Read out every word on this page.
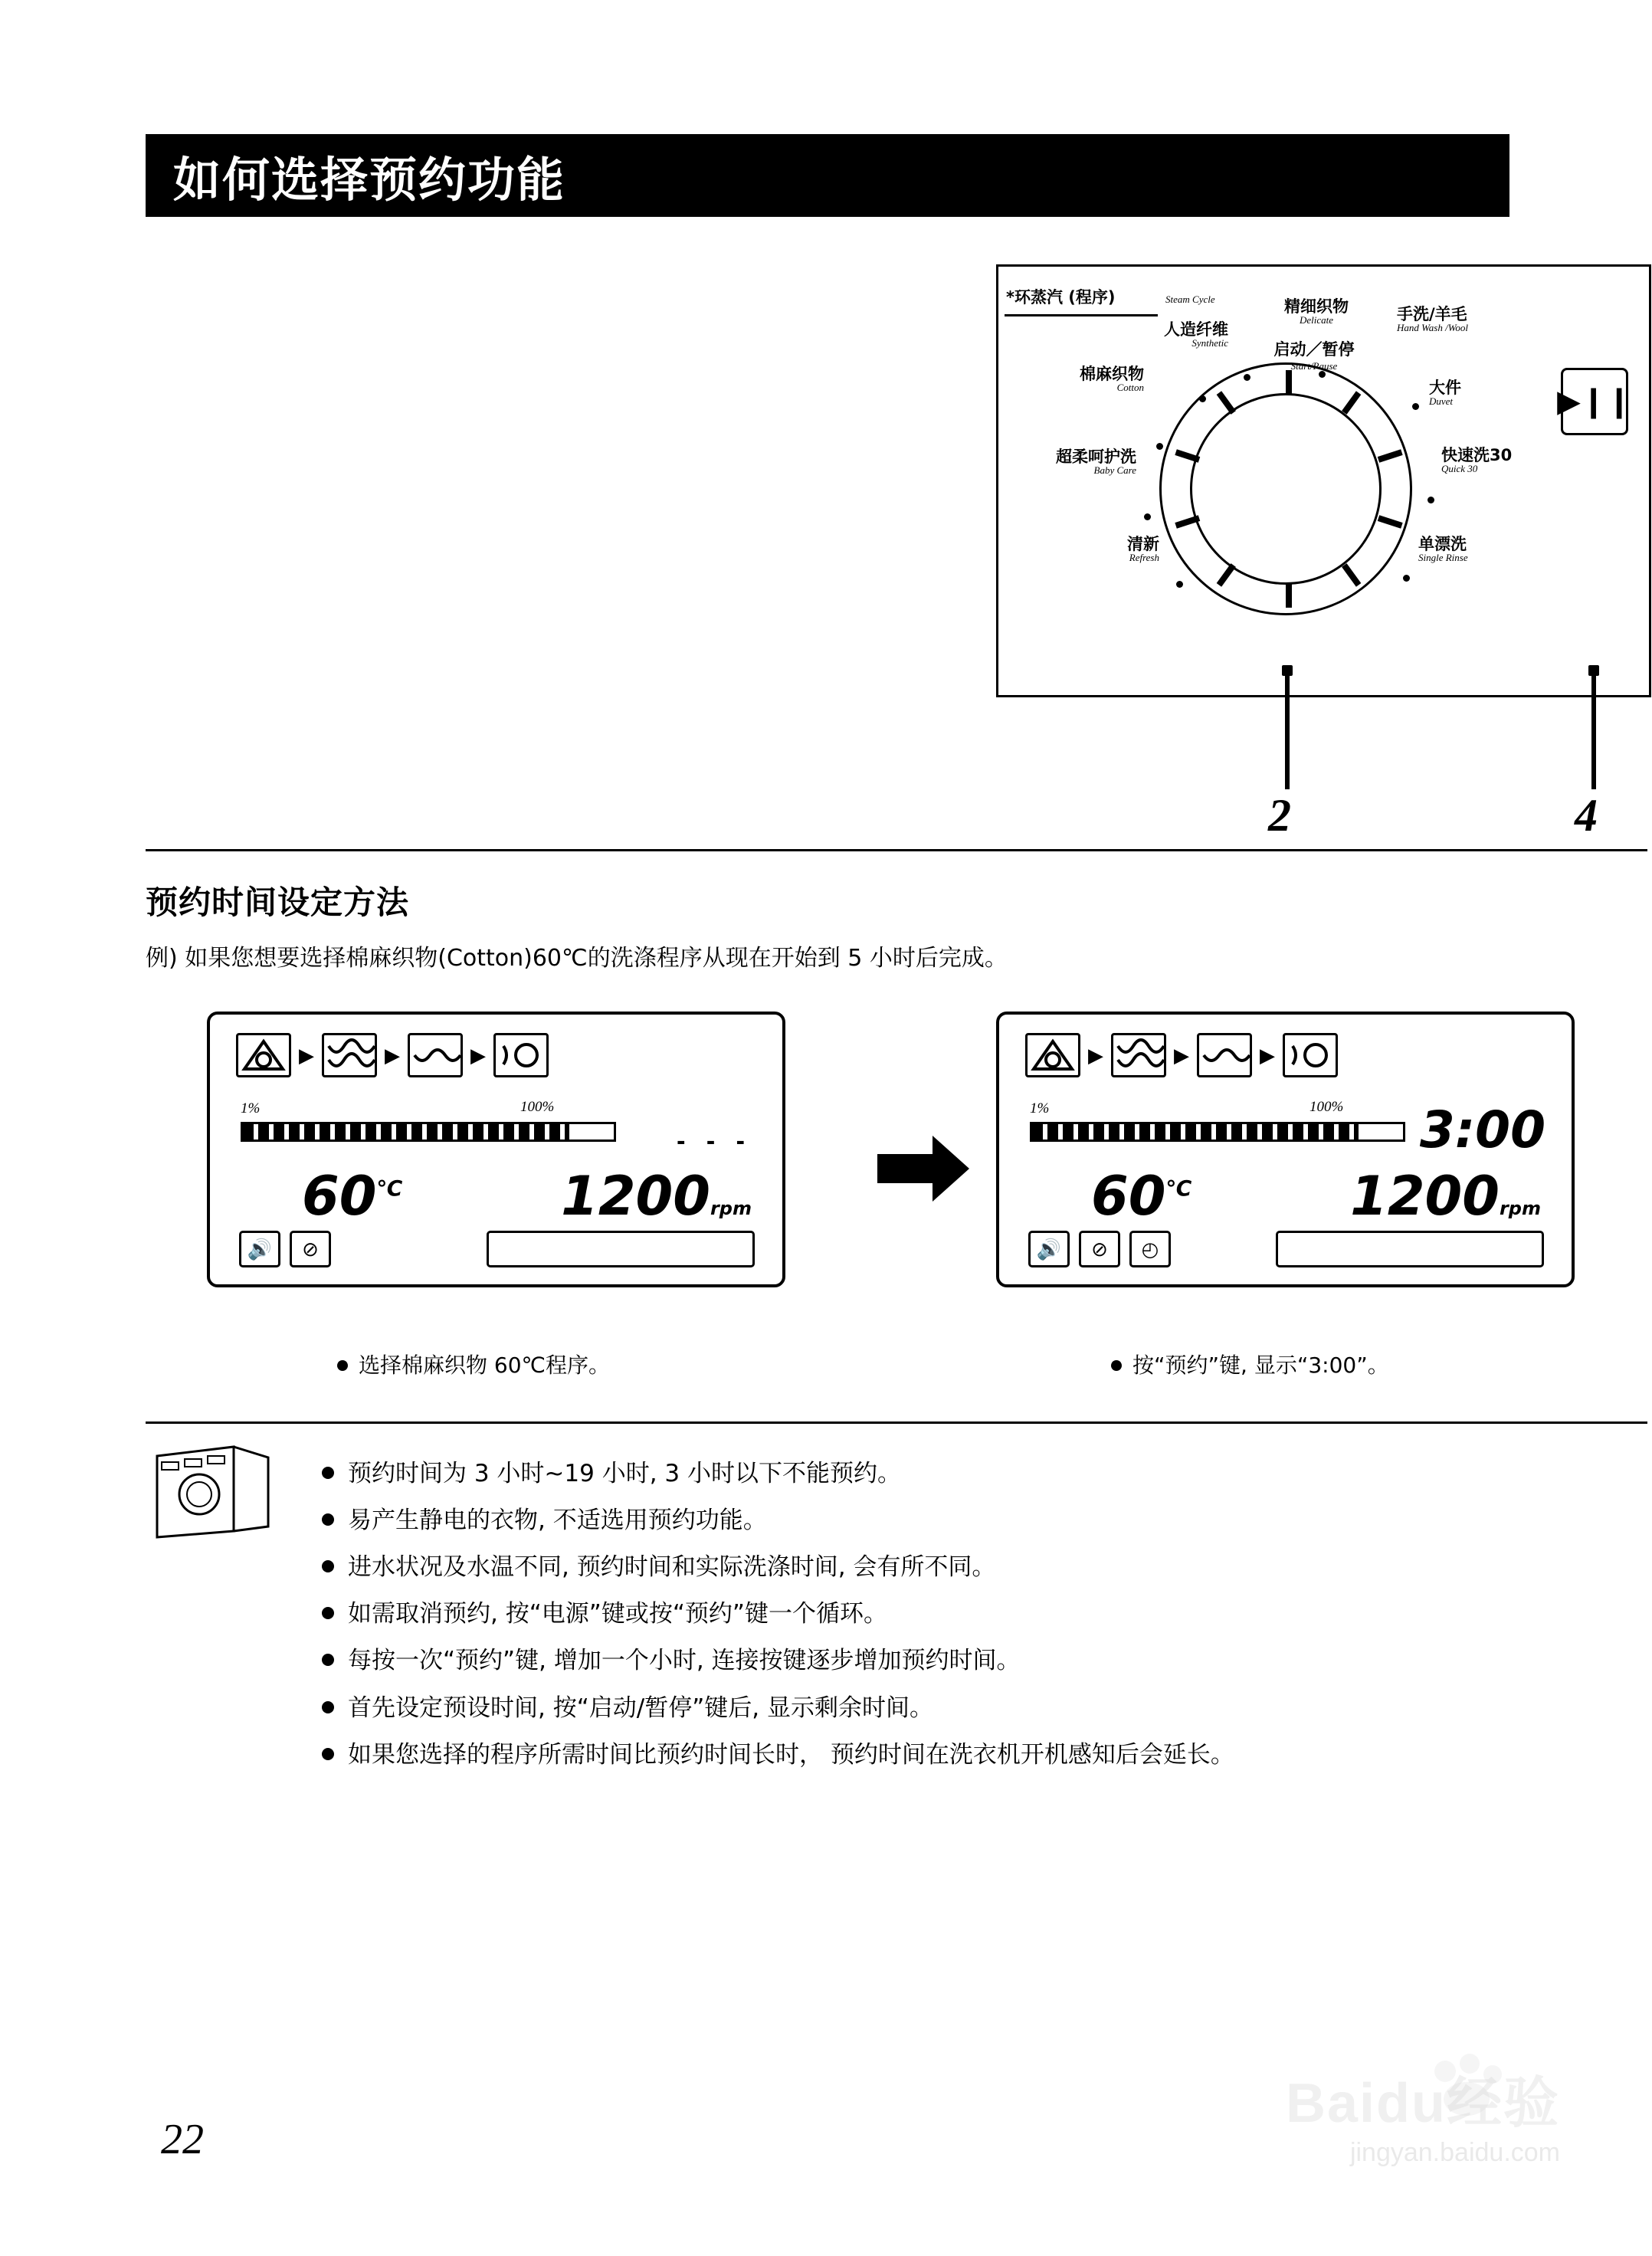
如何选择预约功能
*环蒸汽 (程序)	Steam Cycle
人造纤维
Synthetic
精细织物
Delicate	手洗/羊毛
Hand Wash /Wool
棉麻织物
Cotton	大件
Duvet
超柔呵护洗
Baby Care
快速洗30
Quick 30
清新
Refresh
单漂洗
Single Rinse
启动／暂停
Start/Pause
▶❙❙
2	4
预约时间设定方法
例) 如果您想要选择棉麻织物(Cotton)60℃的洗涤程序从现在开始到 5 小时后完成。
▶	▶	▶
1%	100%
- - -
60℃	1200rpm
🔊	⊘
▶	▶	▶
1%	100% 3:00
60℃	1200rpm
🔊	⊘	◴
选择棉麻织物 60℃程序。	按“预约”键, 显示“3:00”。
预约时间为 3 小时~19 小时, 3 小时以下不能预约。
易产生静电的衣物, 不适选用预约功能。
进水状况及水温不同, 预约时间和实际洗涤时间, 会有所不同。
如需取消预约, 按“电源”键或按“预约”键一个循环。
每按一次“预约”键, 增加一个小时, 连接按键逐步增加预约时间。
首先设定预设时间, 按“启动/暂停”键后, 显示剩余时间。
如果您选择的程序所需时间比预约时间长时， 预约时间在洗衣机开机感知后会延长。
22
Baidu经验
jingyan.baidu.com
